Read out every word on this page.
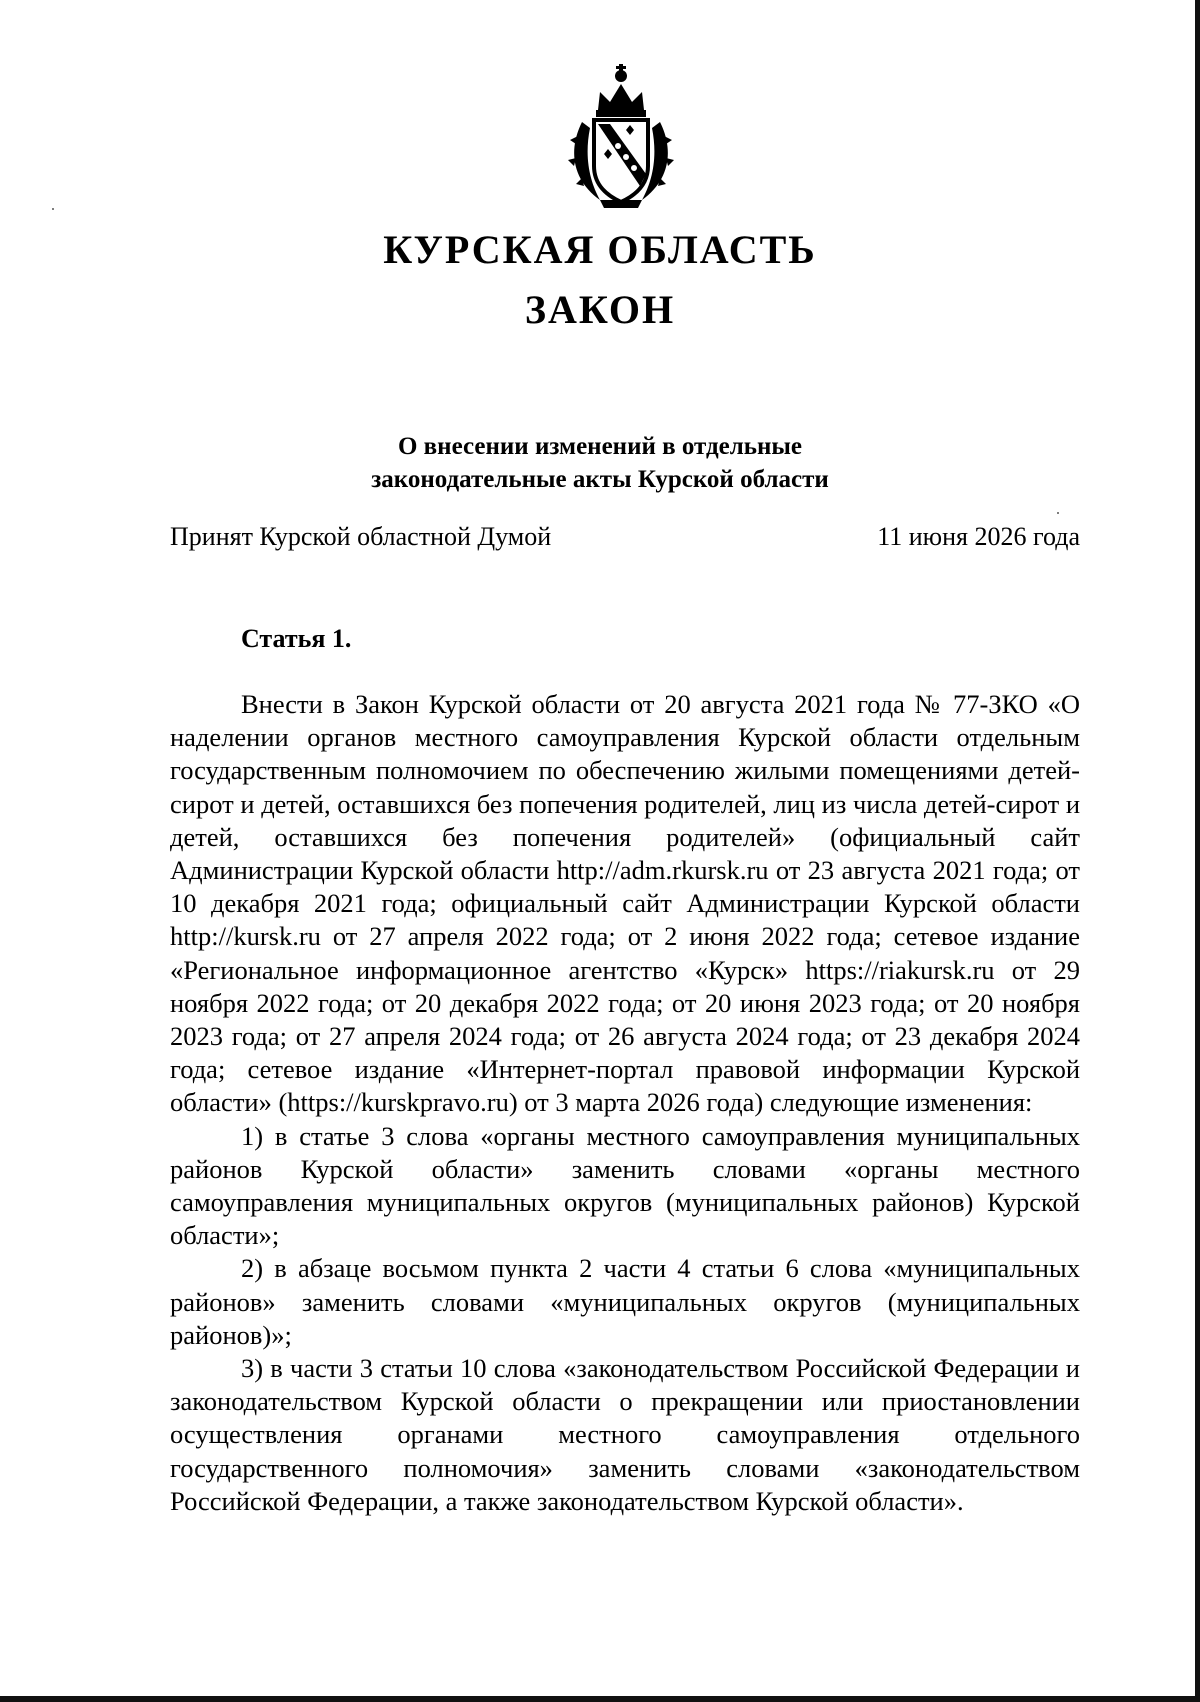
КУРСКАЯ ОБЛАСТЬ
ЗАКОН
О внесении изменений в отдельные
законодательные акты Курской области
Принят Курской областной Думой	11 июня 2026 года
Статья 1.

Внести в Закон Курской области от 20 августа 2021 года № 77-ЗКО «О наделении органов местного самоуправления Курской области отдельным государственным полномочием по обеспечению жилыми помещениями детей-сирот и детей, оставшихся без попечения родителей, лиц из числа детей-сирот и детей, оставшихся без попечения родителей» (официальный сайт Администрации Курской области http://adm.rkursk.ru от 23 августа 2021 года; от 10 декабря 2021 года; официальный сайт Администрации Курской области http://kursk.ru от 27 апреля 2022 года; от 2 июня 2022 года; сетевое издание «Региональное информационное агентство «Курск» https://riakursk.ru от 29 ноября 2022 года; от 20 декабря 2022 года; от 20 июня 2023 года; от 20 ноября 2023 года; от 27 апреля 2024 года; от 26 августа 2024 года; от 23 декабря 2024 года; сетевое издание «Интернет-портал правовой информации Курской области» (https://kurskpravo.ru) от 3 марта 2026 года) следующие изменения:

1) в статье 3 слова «органы местного самоуправления муниципальных районов Курской области» заменить словами «органы местного самоуправления муниципальных округов (муниципальных районов) Курской области»;

2) в абзаце восьмом пункта 2 части 4 статьи 6 слова «муниципальных районов» заменить словами «муниципальных округов (муниципальных районов)»;

3) в части 3 статьи 10 слова «законодательством Российской Федерации и законодательством Курской области о прекращении или приостановлении осуществления органами местного самоуправления отдельного государственного полномочия» заменить словами «законодательством Российской Федерации, а также законодательством Курской области».
